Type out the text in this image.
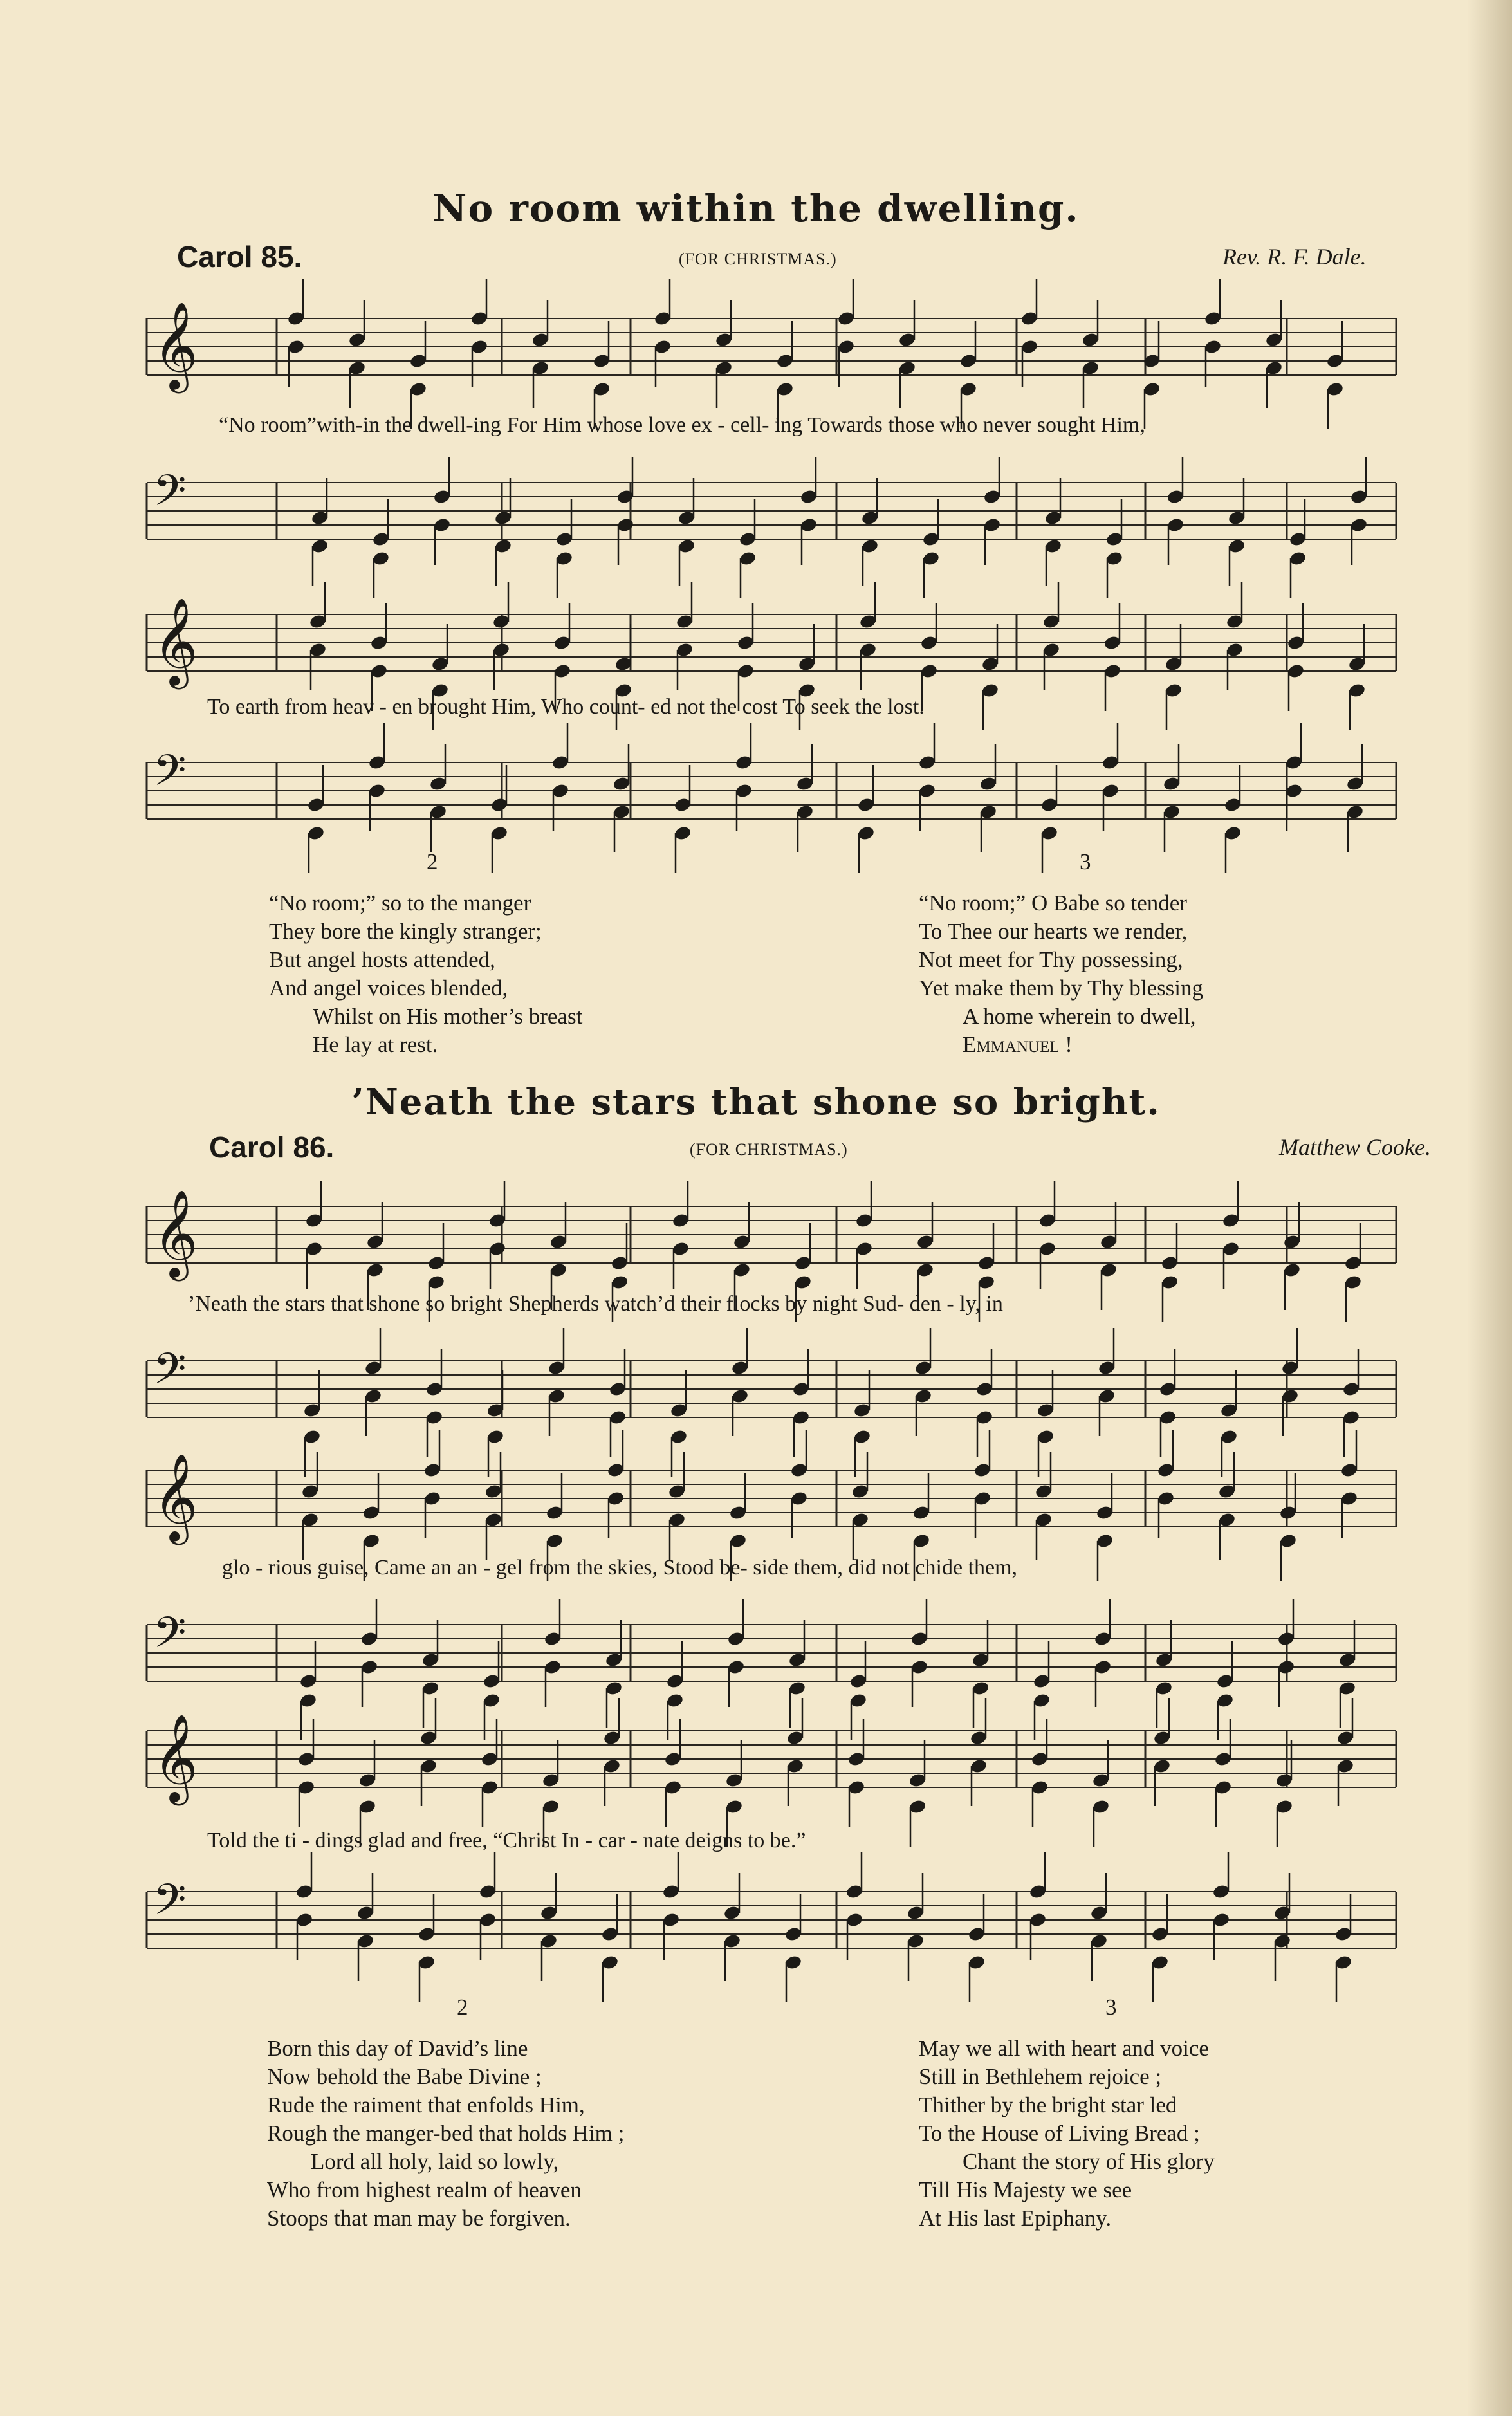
No room within the dwelling.
Carol 85.	(FOR CHRISTMAS.)	Rev. R. F. Dale.
𝄞
“No room”with-in the dwell-ing For Him whose love ex - cell- ing Towards those who never sought Him,
𝄢
𝄞
To earth from heav - en brought Him, Who count- ed not the cost To seek the lost.
𝄢
2
“No room;” so to the manger
They bore the kingly stranger;
But angel hosts attended,
And angel voices blended,
Whilst on His mother’s breast
He lay at rest.
3
“No room;” O Babe so tender
To Thee our hearts we render,
Not meet for Thy possessing,
Yet make them by Thy blessing
A home wherein to dwell,
Emmanuel !
’Neath the stars that shone so bright.
Carol 86.	(FOR CHRISTMAS.)	Matthew Cooke.
𝄞
’Neath the stars that shone so bright Shepherds watch’d their flocks by night Sud- den - ly, in
𝄢
𝄞
glo - rious guise, Came an an - gel from the skies, Stood be- side them, did not chide them,
𝄢
𝄞
Told the ti - dings glad and free, “Christ In - car - nate deigns to be.”
𝄢
2
Born this day of David’s line
Now behold the Babe Divine ;
Rude the raiment that enfolds Him,
Rough the manger-bed that holds Him ;
Lord all holy, laid so lowly,
Who from highest realm of heaven
Stoops that man may be forgiven.
3
May we all with heart and voice
Still in Bethlehem rejoice ;
Thither by the bright star led
To the House of Living Bread ;
Chant the story of His glory
Till His Majesty we see
At His last Epiphany.
